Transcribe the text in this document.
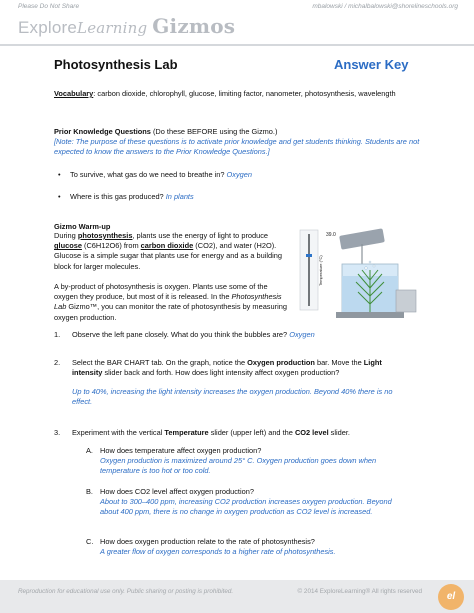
Please Do Not Share	mbalowski / michalbalowski@shorelineschools.org
ExploreLearning Gizmos
Photosynthesis Lab	Answer Key
Vocabulary: carbon dioxide, chlorophyll, glucose, limiting factor, nanometer, photosynthesis, wavelength
Prior Knowledge Questions (Do these BEFORE using the Gizmo.)
[Note: The purpose of these questions is to activate prior knowledge and get students thinking. Students are not expected to know the answers to the Prior Knowledge Questions.]
• To survive, what gas do we need to breathe in? Oxygen
• Where is this gas produced? In plants
Gizmo Warm-up
During photosynthesis, plants use the energy of light to produce glucose (C6H12O6) from carbon dioxide (CO2), and water (H2O). Glucose is a simple sugar that plants use for energy and as a building block for larger molecules.
A by-product of photosynthesis is oxygen. Plants use some of the oxygen they produce, but most of it is released. In the Photosynthesis Lab Gizmo™, you can monitor the rate of photosynthesis by measuring oxygen production.
39.0
Temperature (°C)
1. Observe the left pane closely. What do you think the bubbles are? Oxygen
2. Select the BAR CHART tab. On the graph, notice the Oxygen production bar. Move the Light intensity slider back and forth. How does light intensity affect oxygen production?
Up to 40%, increasing the light intensity increases the oxygen production. Beyond 40% there is no effect.
3. Experiment with the vertical Temperature slider (upper left) and the CO2 level slider.
A. How does temperature affect oxygen production?
Oxygen production is maximized around 25° C. Oxygen production goes down when temperature is too hot or too cold.
B. How does CO2 level affect oxygen production?
About to 300–400 ppm, increasing CO2 production increases oxygen production. Beyond about 400 ppm, there is no change in oxygen production as CO2 level is increased.
C. How does oxygen production relate to the rate of photosynthesis?
A greater flow of oxygen corresponds to a higher rate of photosynthesis.
Reproduction for educational use only. Public sharing or posting is prohibited.	© 2014 ExploreLearning® All rights reserved	el
